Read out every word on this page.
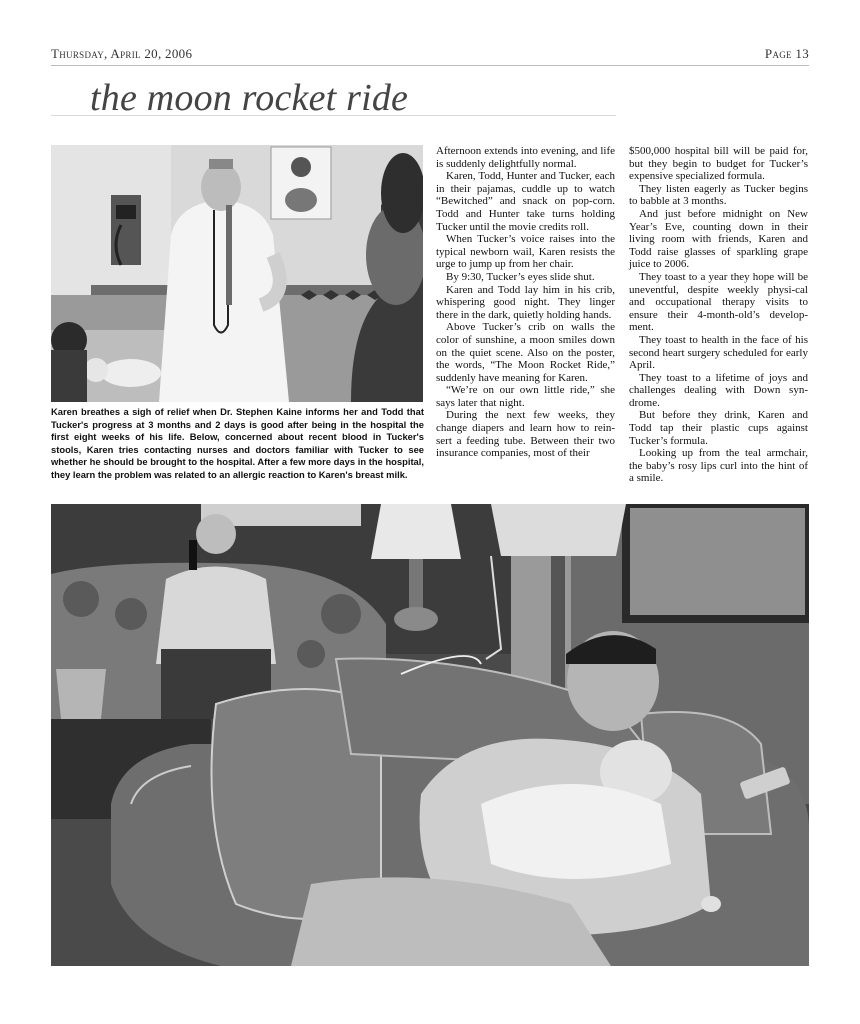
Thursday, April 20, 2006	Page 13
the moon rocket ride
Karen breathes a sigh of relief when Dr. Stephen Kaine informs her and Todd that Tucker's progress at 3 months and 2 days is good after being in the hospital the first eight weeks of his life. Below, concerned about recent blood in Tucker's stools, Karen tries contacting nurses and doctors familiar with Tucker to see whether he should be brought to the hospital. After a few more days in the hospital, they learn the problem was related to an allergic reaction to Karen's breast milk.

Afternoon extends into evening, and life is suddenly delightfully normal.

Karen, Todd, Hunter and Tucker, each in their pajamas, cuddle up to watch “Bewitched” and snack on pop-corn. Todd and Hunter take turns holding Tucker until the movie credits roll.

When Tucker’s voice raises into the typical newborn wail, Karen resists the urge to jump up from her chair.

By 9:30, Tucker’s eyes slide shut.

Karen and Todd lay him in his crib, whispering good night. They linger there in the dark, quietly holding hands.

Above Tucker’s crib on walls the color of sunshine, a moon smiles down on the quiet scene. Also on the poster, the words, “The Moon Rocket Ride,” suddenly have meaning for Karen.

“We’re on our own little ride,” she says later that night.

During the next few weeks, they change diapers and learn how to rein-sert a feeding tube. Between their two insurance companies, most of their

$500,000 hospital bill will be paid for, but they begin to budget for Tucker’s expensive specialized formula.

They listen eagerly as Tucker begins to babble at 3 months.

And just before midnight on New Year’s Eve, counting down in their living room with friends, Karen and Todd raise glasses of sparkling grape juice to 2006.

They toast to a year they hope will be uneventful, despite weekly physi-cal and occupational therapy visits to ensure their 4-month-old’s develop-ment.

They toast to health in the face of his second heart surgery scheduled for early April.

They toast to a lifetime of joys and challenges dealing with Down syn-drome.

But before they drink, Karen and Todd tap their plastic cups against Tucker’s formula.

Looking up from the teal armchair, the baby’s rosy lips curl into the hint of a smile.
